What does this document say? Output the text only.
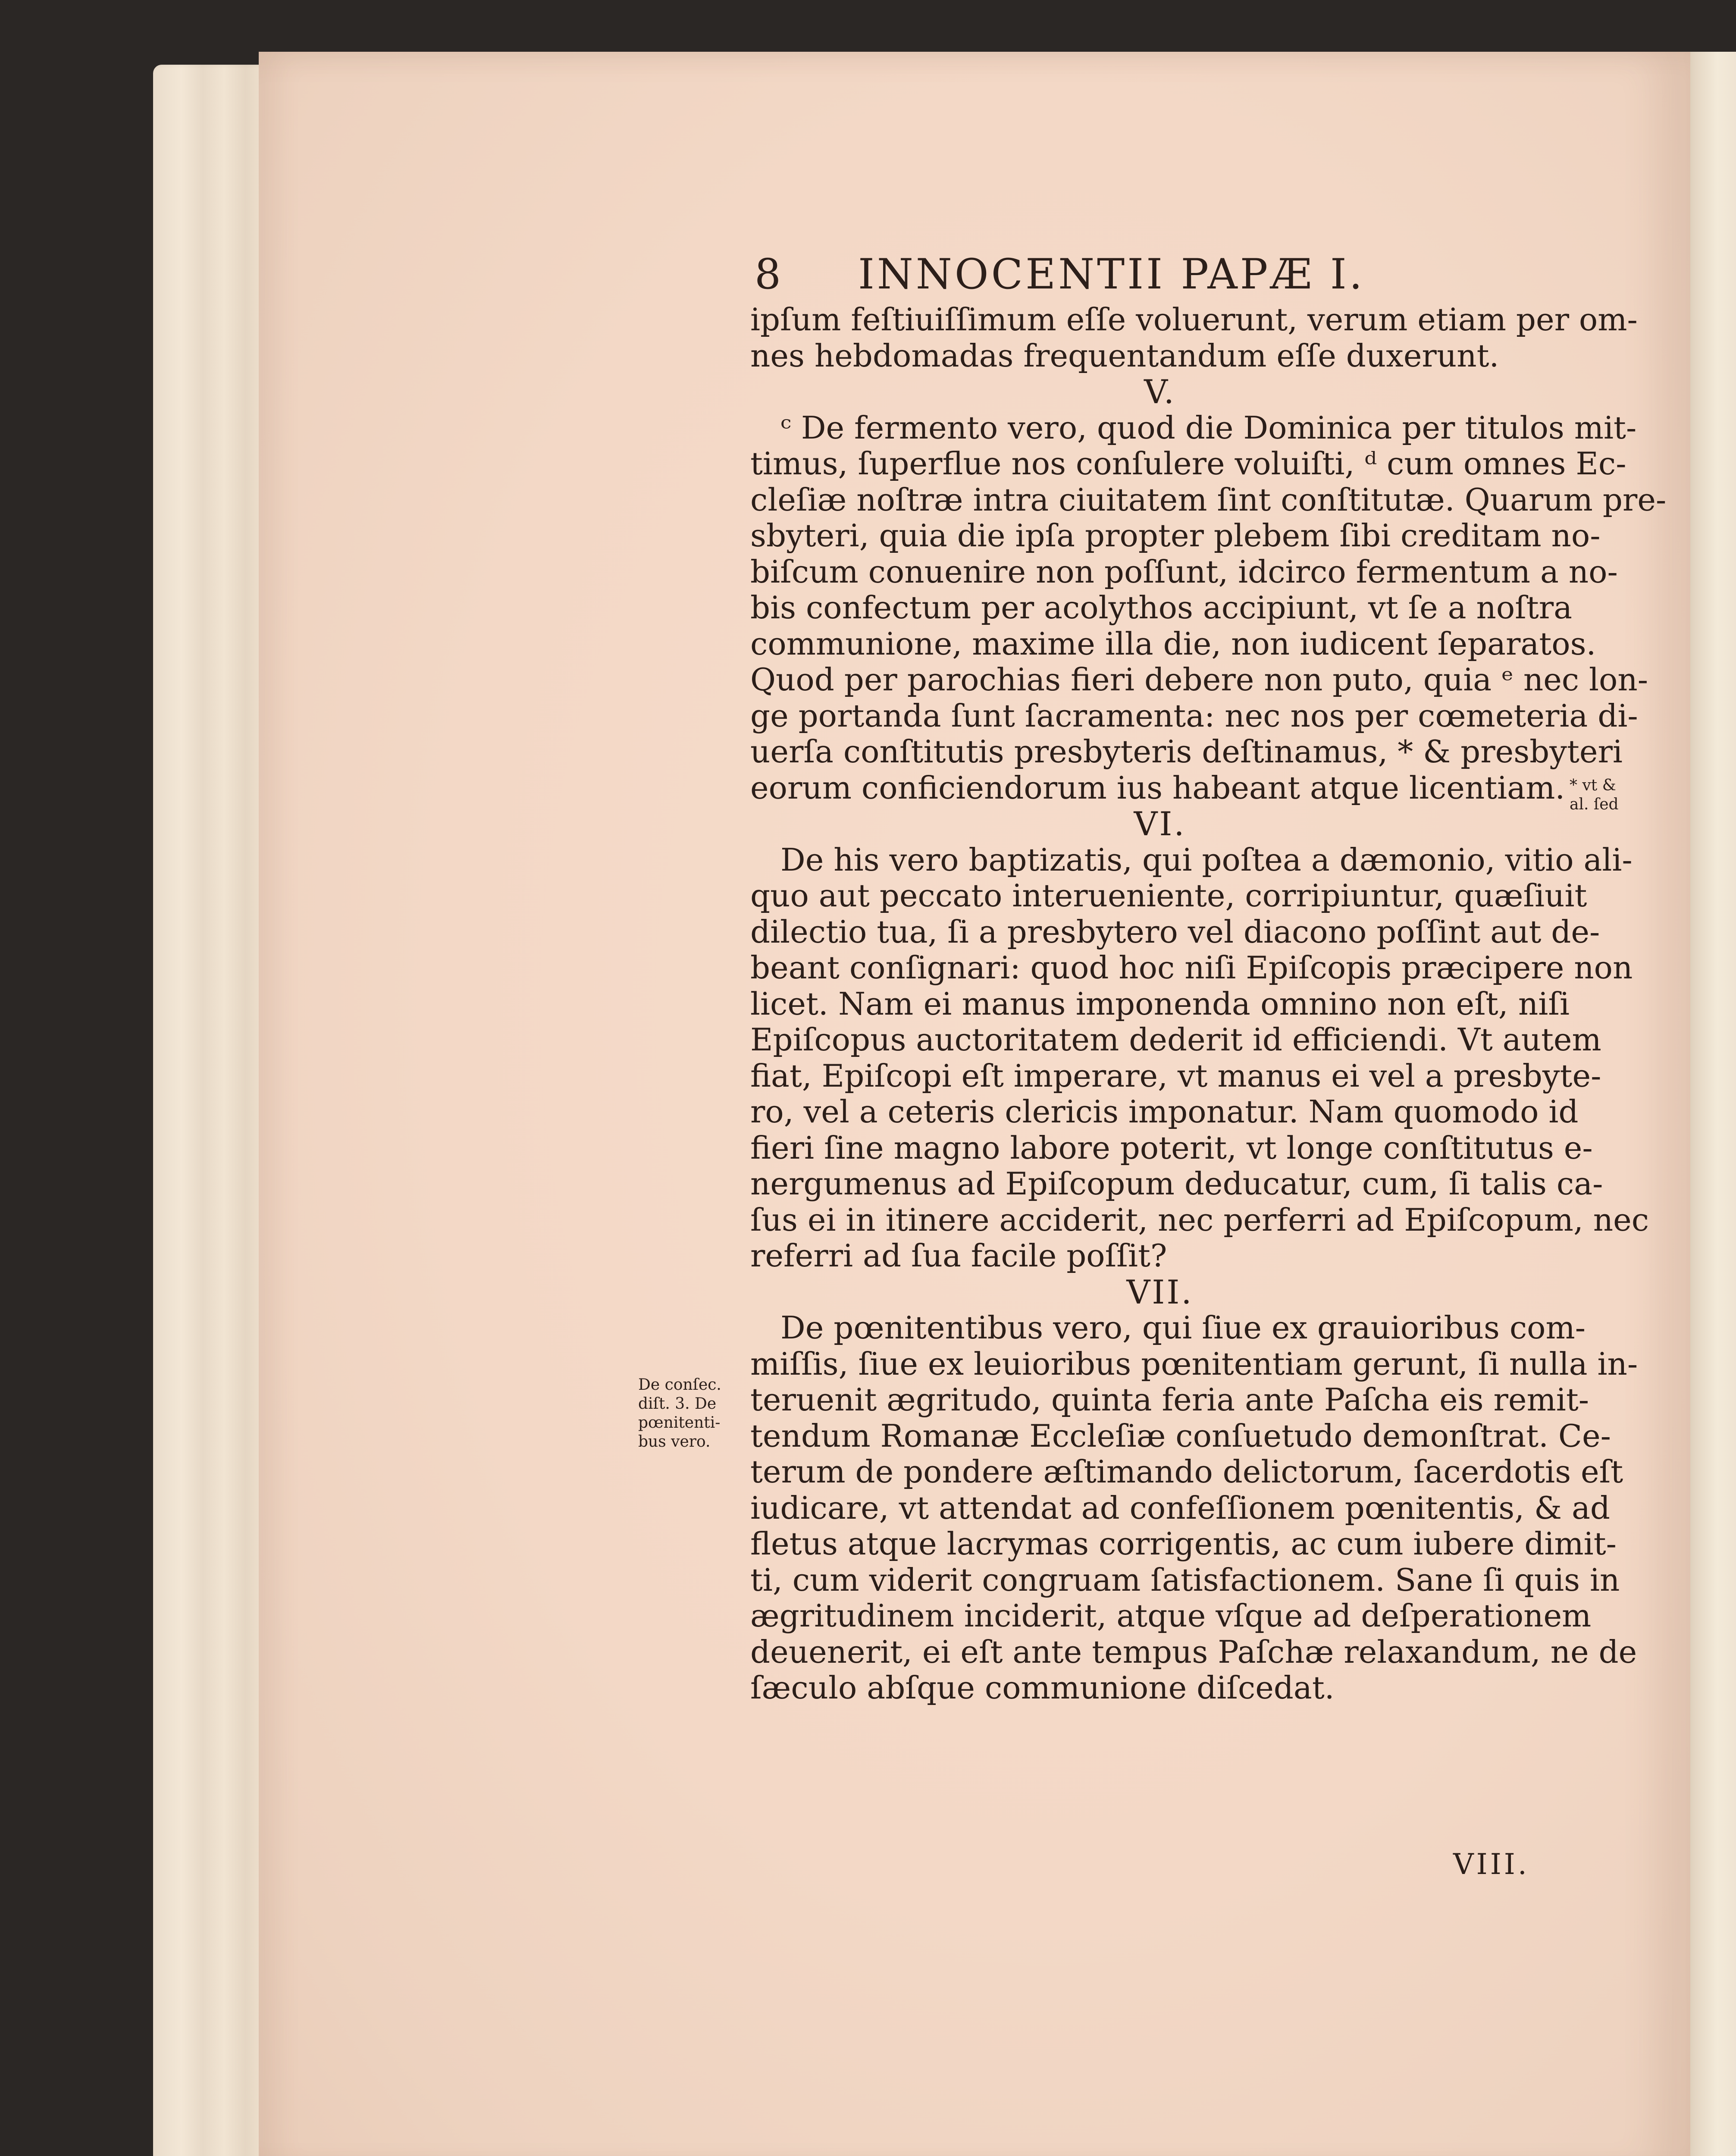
8 INNOCENTII PAPÆ I.
ipſum feſtiuiſſimum eſſe voluerunt, verum etiam per om-
nes hebdomadas frequentandum eſſe duxerunt.
V.
ᶜ De fermento vero, quod die Dominica per titulos mit-
timus, ſuperflue nos conſulere voluiſti, ᵈ cum omnes Ec-
cleſiæ noſtræ intra ciuitatem ſint conſtitutæ. Quarum pre-
sbyteri, quia die ipſa propter plebem ſibi creditam no-
biſcum conuenire non poſſunt, idcirco fermentum a no-
bis confectum per acolythos accipiunt, vt ſe a noſtra
communione, maxime illa die, non iudicent ſeparatos.
Quod per parochias fieri debere non puto, quia ᵉ nec lon-
ge portanda ſunt ſacramenta: nec nos per cœmeteria di-
uerſa conſtitutis presbyteris deſtinamus, * & presbyteri
eorum conficiendorum ius habeant atque licentiam.
VI.
De his vero baptizatis, qui poſtea a dæmonio, vitio ali-
quo aut peccato interueniente, corripiuntur, quæſiuit
dilectio tua, ſi a presbytero vel diacono poſſint aut de-
beant conſignari: quod hoc niſi Epiſcopis præcipere non
licet. Nam ei manus imponenda omnino non eſt, niſi
Epiſcopus auctoritatem dederit id efficiendi. Vt autem
fiat, Epiſcopi eſt imperare, vt manus ei vel a presbyte-
ro, vel a ceteris clericis imponatur. Nam quomodo id
fieri ſine magno labore poterit, vt longe conſtitutus e-
nergumenus ad Epiſcopum deducatur, cum, ſi talis ca-
ſus ei in itinere acciderit, nec perferri ad Epiſcopum, nec
referri ad ſua facile poſſit?
VII.
De pœnitentibus vero, qui ſiue ex grauioribus com-
miſſis, ſiue ex leuioribus pœnitentiam gerunt, ſi nulla in-
teruenit ægritudo, quinta feria ante Paſcha eis remit-
tendum Romanæ Eccleſiæ conſuetudo demonſtrat. Ce-
terum de pondere æſtimando delictorum, ſacerdotis eſt
iudicare, vt attendat ad confeſſionem pœnitentis, & ad
fletus atque lacrymas corrigentis, ac cum iubere dimit-
ti, cum viderit congruam ſatisfactionem. Sane ſi quis in
ægritudinem inciderit, atque vſque ad deſperationem
deuenerit, ei eſt ante tempus Paſchæ relaxandum, ne de
ſæculo abſque communione diſcedat.
VIII.
De conſec.
diſt. 3. De
pœnitenti-
bus vero.
* vt &
al. ſed
